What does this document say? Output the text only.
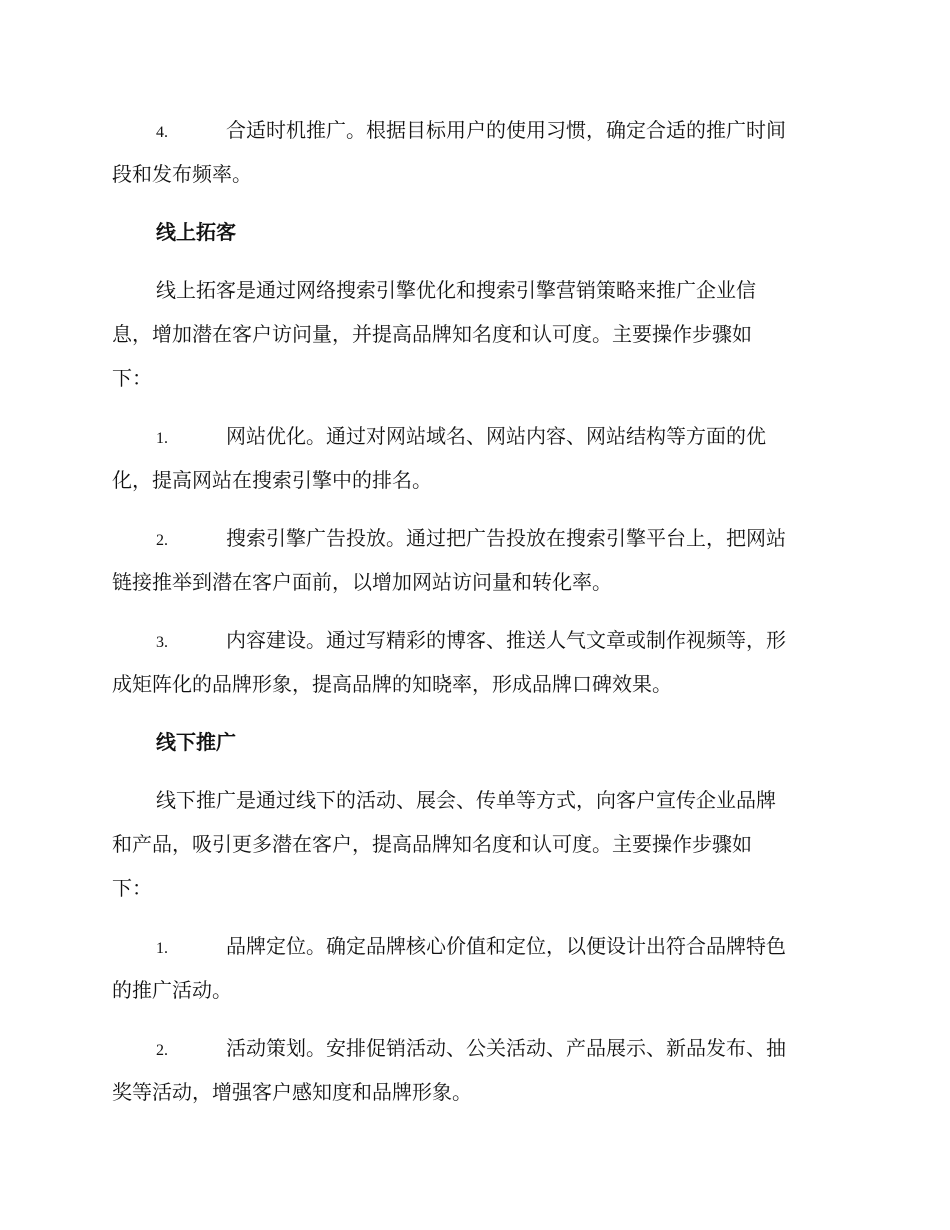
4.	合适时机推广。根据目标用户的使用习惯，确定合适的推广时间
段和发布频率。
线上拓客
线上拓客是通过网络搜索引擎优化和搜索引擎营销策略来推广企业信
息，增加潜在客户访问量，并提高品牌知名度和认可度。主要操作步骤如
下：
1.	网站优化。通过对网站域名、网站内容、网站结构等方面的优
化，提高网站在搜索引擎中的排名。
2.	搜索引擎广告投放。通过把广告投放在搜索引擎平台上，把网站
链接推举到潜在客户面前，以增加网站访问量和转化率。
3.	内容建设。通过写精彩的博客、推送人气文章或制作视频等，形
成矩阵化的品牌形象，提高品牌的知晓率，形成品牌口碑效果。
线下推广
线下推广是通过线下的活动、展会、传单等方式，向客户宣传企业品牌
和产品，吸引更多潜在客户，提高品牌知名度和认可度。主要操作步骤如
下：
1.	品牌定位。确定品牌核心价值和定位，以便设计出符合品牌特色
的推广活动。
2.	活动策划。安排促销活动、公关活动、产品展示、新品发布、抽
奖等活动，增强客户感知度和品牌形象。
